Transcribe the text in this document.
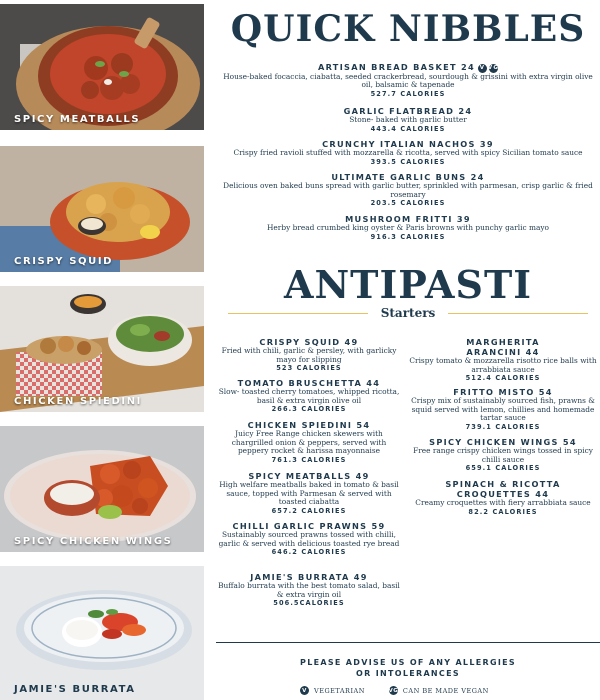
SPICY MEATBALLS
CRISPY SQUID
CHICKEN SPIEDINI
SPICY CHICKEN WINGS
JAMIE'S BURRATA
QUICK NIBBLES
ARTISAN BREAD BASKET 24 V VG
House-baked focaccia, ciabatta, seeded crackerbread, sourdough & grissini with extra virgin olive oil, balsamic & tapenade
527.7 CALORIES
GARLIC FLATBREAD 24
Stone- baked with garlic butter
443.4 CALORIES
CRUNCHY ITALIAN NACHOS 39
Crispy fried ravioli stuffed with mozzarella & ricotta, served with spicy Sicilian tomato sauce
393.5 CALORIES
ULTIMATE GARLIC BUNS 24
Delicious oven baked buns spread with garlic butter, sprinkled with parmesan, crisp garlic & fried rosemary
203.5 CALORIES
MUSHROOM FRITTI 39
Herby bread crumbed king oyster & Paris browns with punchy garlic mayo
916.3 CALORIES
ANTIPASTI
Starters
CRISPY SQUID 49
Fried with chili, garlic & persley, with garlicky mayo for slipping
523 CALORIES
TOMATO BRUSCHETTA 44
Slow- toasted cherry tomatoes, whipped ricotta, basil & extra virgin olive oil
266.3 CALORIES
CHICKEN SPIEDINI 54
Juicy Free Range chicken skewers with chargrilled onion & peppers, served with peppery rocket & harissa mayonnaise
761.3 CALORIES
SPICY MEATBALLS 49
High welfare meatballs baked in tomato & basil sauce, topped with Parmesan & served with toasted ciabatta
657.2 CALORIES
CHILLI GARLIC PRAWNS 59
Sustainably sourced prawns tossed with chilli, garlic & served with delicious toasted rye bread
646.2 CALORIES
JAMIE'S BURRATA 49
Buffalo burrata with the best tomato salad, basil & extra virgin oil
506.5CALORIES
MARGHERITA
ARANCINI 44
Crispy tomato & mozzarella risotto rice balls with arrabbiata sauce
512.4 CALORIES
FRITTO MISTO 54
Crispy mix of sustainably sourced fish, prawns & squid served with lemon, chillies and homemade tartar sauce
739.1 CALORIES
SPICY CHICKEN WINGS 54
Free range crispy chicken wings tossed in spicy chilli sauce
659.1 CALORIES
SPINACH & RICOTTA
CROQUETTES 44
Creamy croquettes with fiery arrabbiata sauce
82.2 CALORIES
PLEASE ADVISE US OF ANY ALLERGIES
OR INTOLERANCES
V	VEGETARIAN	VG CAN BE MADE VEGAN
